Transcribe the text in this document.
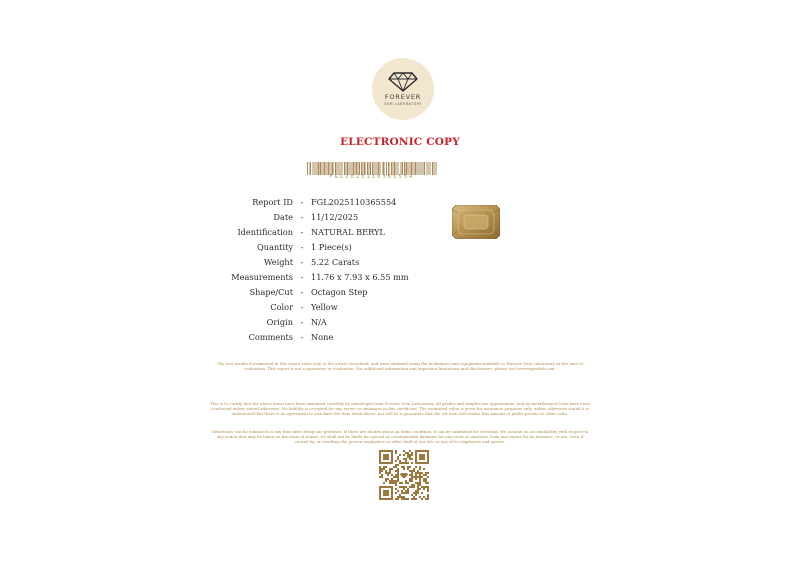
FOREVER
GEM LABORATORY
ELECTRONIC COPY
FGL2025110365554
Report ID - FGL2025110365554
Date - 11/12/2025
Identification - NATURAL BERYL
Quantity - 1 Piece(s)
Weight - 5.22 Carats
Measurements - 11.76 x 7.93 x 6.55 mm
Shape/Cut - Octagon Step
Color - Yellow
Origin - N/A
Comments - None
The test results documented in this report refer only to the article described, and were obtained using the techniques and equipment available to Forever Gem Laboratory at the time of evaluation. This report is not a guarantee or evaluation. For additional information and important limitations and disclaimers, please see forevergemlab.com.
This is to certify that the above items have been examined carefully by gemologist from Forever Gem Laboratory. All grades and weights are approximate, and no metallurgical tests have been conducted unless stated otherwise. No liability is accepted for any errors or omissions in this certificate. The estimated value is given for insurance purposes only, unless otherwise stated it is understood that there is no agreement to purchase the item listed above, nor will be a guarantee that the set item will realise this amount at public private or other sales.
Gemstones can be enhanced at any time after living our premises. If there are doubts about an items condition, it can be submitted for retesting. We assume no accountability with respect to any action that may be taken on the basis of report, we shall not be liable for special or consequential damages for any error or omission, from any report for its issuance, or use, even if caused by, or resulting the proven negligence or other fault of our lab, or any of its employees and agents.
